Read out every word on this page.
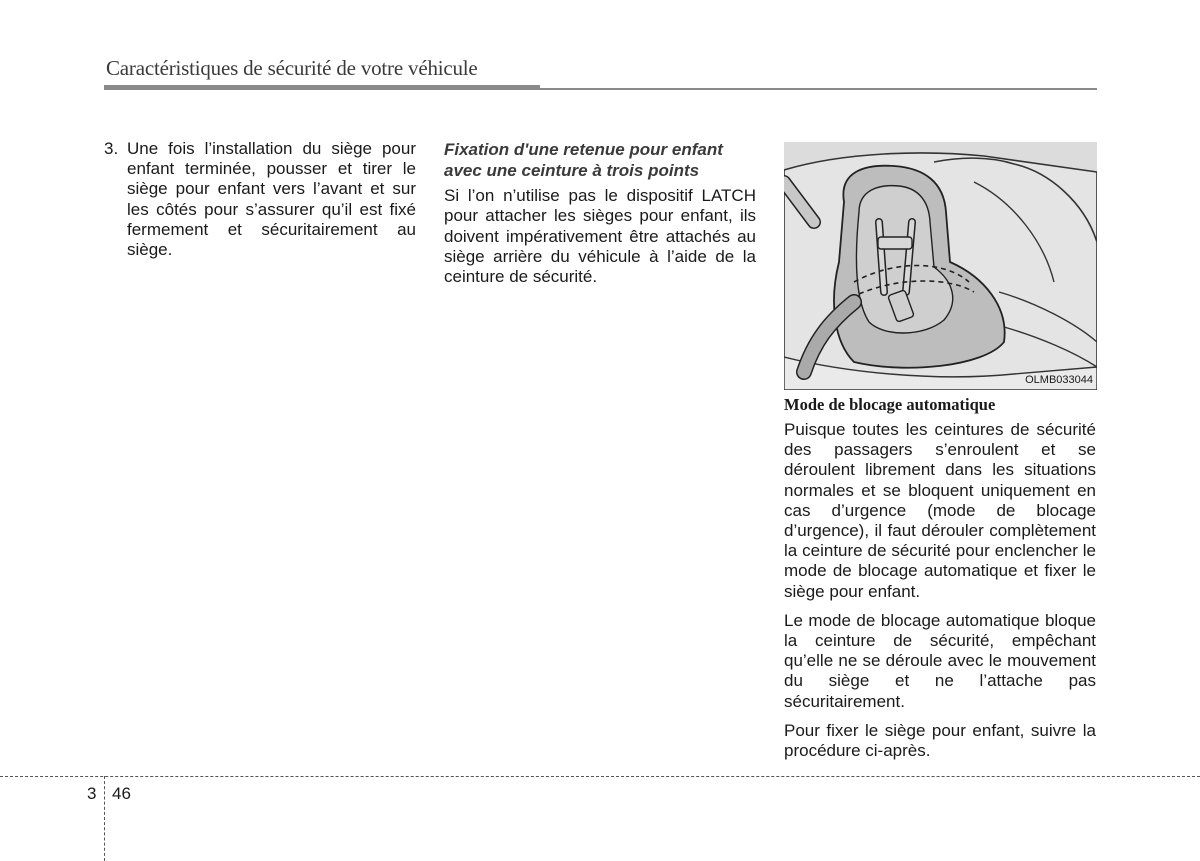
Caractéristiques de sécurité de votre véhicule
3. Une fois l’installation du siège pour enfant terminée, pousser et tirer le siège pour enfant vers l’avant et sur les côtés pour s’assurer qu’il est fixé fermement et sécuritairement au siège.
Fixation d'une retenue pour enfant avec une ceinture à trois points
Si l’on n’utilise pas le dispositif LATCH pour attacher les sièges pour enfant, ils doivent impérativement être attachés au siège arrière du véhicule à l’aide de la ceinture de sécurité.
OLMB033044
Mode de blocage automatique
Puisque toutes les ceintures de sécurité des passagers s’enroulent et se déroulent librement dans les situations normales et se bloquent uniquement en cas d’urgence (mode de blocage d’urgence), il faut dérouler complètement la ceinture de sécurité pour enclencher le mode de blocage automatique et fixer le siège pour enfant.
Le mode de blocage automatique bloque la ceinture de sécurité, empêchant qu’elle ne se déroule avec le mouvement du siège et ne l’attache pas sécuritairement.
Pour fixer le siège pour enfant, suivre la procédure ci-après.
3 46
